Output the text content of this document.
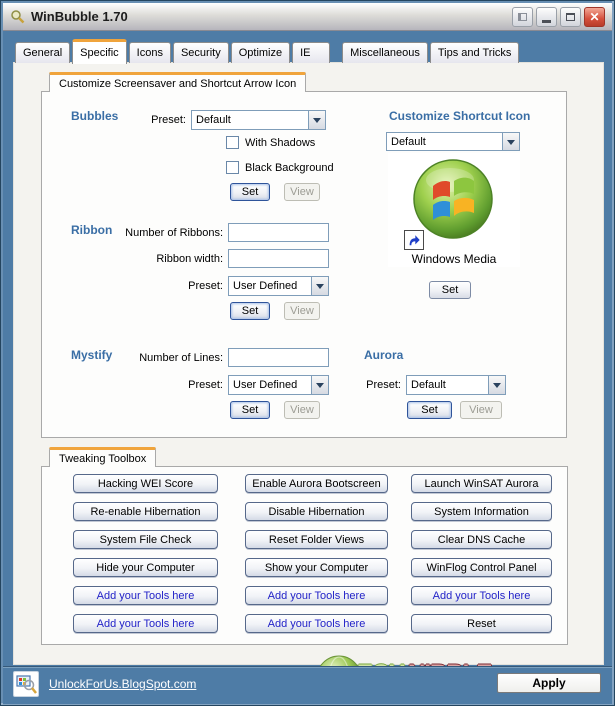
WinBubble 1.70	✕
General Specific Icons Security Optimize IE	Miscellaneous Tips and Tricks
Customize Screensaver and Shortcut Arrow Icon
Bubbles	Preset: Default
With Shadows
Black Background
Set	View
Ribbon	Number of Ribbons:
Ribbon width:
Preset: User Defined
Set	View
Mystify	Number of Lines:
Preset: User Defined
Set	View
Aurora
Preset: Default
Set	View
Customize Shortcut Icon
Default
Windows Media
Set
Tweaking Toolbox
Hacking WEI Score	Enable Aurora Bootscreen	Launch WinSAT Aurora
Re-enable Hibernation	Disable Hibernation	System Information
System File Check	Reset Folder Views	Clear DNS Cache
Hide your Computer	Show your Computer	WinFlog Control Panel
Add your Tools here	Add your Tools here	Add your Tools here
Add your Tools here	Add your Tools here	Reset
UnlockForUs.BlogSpot.com	Apply
